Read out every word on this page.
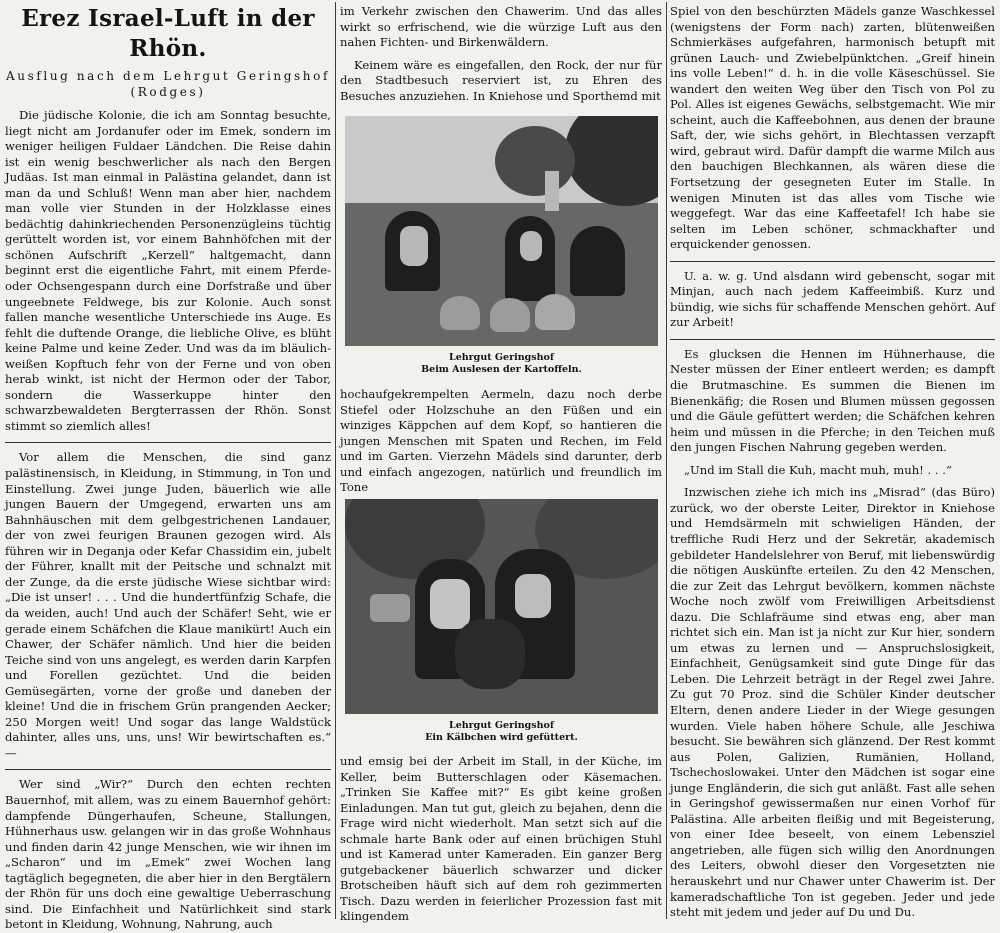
Erez Israel-Luft in der Rhön.
Ausflug nach dem Lehrgut Geringshof (Rodges)

Die jüdische Kolonie, die ich am Sonntag besuchte, liegt nicht am Jordanufer oder im Emek, sondern im weniger heiligen Fuldaer Ländchen. Die Reise dahin ist ein wenig beschwerlicher als nach den Bergen Judäas. Ist man einmal in Palästina gelandet, dann ist man da und Schluß! Wenn man aber hier, nachdem man volle vier Stunden in der Holzklasse eines bedächtig dahinkriechenden Personenzügleins tüchtig gerüttelt worden ist, vor einem Bahnhöfchen mit der schönen Aufschrift „Kerzell“ haltgemacht, dann beginnt erst die eigentliche Fahrt, mit einem Pferde- oder Ochsengespann durch eine Dorfstraße und über ungeebnete Feldwege, bis zur Kolonie. Auch sonst fallen manche wesentliche Unterschiede ins Auge. Es fehlt die duftende Orange, die liebliche Olive, es blüht keine Palme und keine Zeder. Und was da im bläulich-weißen Kopftuch fehr von der Ferne und von oben herab winkt, ist nicht der Hermon oder der Tabor, sondern die Wasserkuppe hinter den schwarzbewaldeten Bergterrassen der Rhön. Sonst stimmt so ziemlich alles!

Vor allem die Menschen, die sind ganz palästinensisch, in Kleidung, in Stimmung, in Ton und Einstellung. Zwei junge Juden, bäuerlich wie alle jungen Bauern der Umgegend, erwarten uns am Bahnhäuschen mit dem gelbgestrichenen Landauer, der von zwei feurigen Braunen gezogen wird. Als führen wir in Deganja oder Kefar Chassidim ein, jubelt der Führer, knallt mit der Peitsche und schnalzt mit der Zunge, da die erste jüdische Wiese sichtbar wird: „Die ist unser! . . . Und die hundertfünfzig Schafe, die da weiden, auch! Und auch der Schäfer! Seht, wie er gerade einem Schäfchen die Klaue manikürt! Auch ein Chawer, der Schäfer nämlich. Und hier die beiden Teiche sind von uns angelegt, es werden darin Karpfen und Forellen gezüchtet. Und die beiden Gemüsegärten, vorne der große und daneben der kleine! Und die in frischem Grün prangenden Aecker; 250 Morgen weit! Und sogar das lange Waldstück dahinter, alles uns, uns, uns! Wir bewirtschaften es.“ —

Wer sind „Wir?“ Durch den echten rechten Bauernhof, mit allem, was zu einem Bauernhof gehört: dampfende Düngerhaufen, Scheune, Stallungen, Hühnerhaus usw. gelangen wir in das große Wohnhaus und finden darin 42 junge Menschen, wie wir ihnen im „Scharon“ und im „Emek“ zwei Wochen lang tagtäglich begegneten, die aber hier in den Bergtälern der Rhön für uns doch eine gewaltige Ueberraschung sind. Die Einfachheit und Natürlichkeit sind stark betont in Kleidung, Wohnung, Nahrung, auch

im Verkehr zwischen den Chawerim. Und das alles wirkt so erfrischend, wie die würzige Luft aus den nahen Fichten- und Birkenwäldern.

Keinem wäre es eingefallen, den Rock, der nur für den Stadtbesuch reserviert ist, zu Ehren des Besuches anzuziehen. In Kniehose und Sporthemd mit

Lehrgut Geringshof
Beim Auslesen der Kartoffeln.

hochaufgekrempelten Aermeln, dazu noch derbe Stiefel oder Holzschuhe an den Füßen und ein winziges Käppchen auf dem Kopf, so hantieren die jungen Menschen mit Spaten und Rechen, im Feld und im Garten. Vierzehn Mädels sind darunter, derb und einfach angezogen, natürlich und freundlich im Tone

Lehrgut Geringshof
Ein Kälbchen wird gefüttert.

und emsig bei der Arbeit im Stall, in der Küche, im Keller, beim Butterschlagen oder Käsemachen. „Trinken Sie Kaffee mit?“ Es gibt keine großen Einladungen. Man tut gut, gleich zu bejahen, denn die Frage wird nicht wiederholt. Man setzt sich auf die schmale harte Bank oder auf einen brüchigen Stuhl und ist Kamerad unter Kameraden. Ein ganzer Berg gutgebackener bäuerlich schwarzer und dicker Brotscheiben häuft sich auf dem roh gezimmerten Tisch. Dazu werden in feierlicher Prozession fast mit klingendem

Spiel von den beschürzten Mädels ganze Waschkessel (wenigstens der Form nach) zarten, blütenweißen Schmierkäses aufgefahren, harmonisch betupft mit grünen Lauch- und Zwiebelpünktchen. „Greif hinein ins volle Leben!“ d. h. in die volle Käseschüssel. Sie wandert den weiten Weg über den Tisch von Pol zu Pol. Alles ist eigenes Gewächs, selbstgemacht. Wie mir scheint, auch die Kaffeebohnen, aus denen der braune Saft, der, wie sichs gehört, in Blechtassen verzapft wird, gebraut wird. Dafür dampft die warme Milch aus den bauchigen Blechkannen, als wären diese die Fortsetzung der gesegneten Euter im Stalle. In wenigen Minuten ist das alles vom Tische wie weggefegt. War das eine Kaffeetafel! Ich habe sie selten im Leben schöner, schmackhafter und erquickender genossen.

U. a. w. g. Und alsdann wird gebenscht, sogar mit Minjan, auch nach jedem Kaffeeimbiß. Kurz und bündig, wie sichs für schaffende Menschen gehört. Auf zur Arbeit!

Es glucksen die Hennen im Hühnerhause, die Nester müssen der Einer entleert werden; es dampft die Brutmaschine. Es summen die Bienen im Bienenkäfig; die Rosen und Blumen müssen gegossen und die Gäule gefüttert werden; die Schäfchen kehren heim und müssen in die Pferche; in den Teichen muß den jungen Fischen Nahrung gegeben werden.

„Und im Stall die Kuh, macht muh, muh! . . .“

Inzwischen ziehe ich mich ins „Misrad“ (das Büro) zurück, wo der oberste Leiter, Direktor in Kniehose und Hemdsärmeln mit schwieligen Händen, der treffliche Rudi Herz und der Sekretär, akademisch gebildeter Handelslehrer von Beruf, mit liebenswürdig die nötigen Auskünfte erteilen. Zu den 42 Menschen, die zur Zeit das Lehrgut bevölkern, kommen nächste Woche noch zwölf vom Freiwilligen Arbeitsdienst dazu. Die Schlafräume sind etwas eng, aber man richtet sich ein. Man ist ja nicht zur Kur hier, sondern um etwas zu lernen und — Anspruchslosigkeit, Einfachheit, Genügsamkeit sind gute Dinge für das Leben. Die Lehrzeit beträgt in der Regel zwei Jahre. Zu gut 70 Proz. sind die Schüler Kinder deutscher Eltern, denen andere Lieder in der Wiege gesungen wurden. Viele haben höhere Schule, alle Jeschiwa besucht. Sie bewähren sich glänzend. Der Rest kommt aus Polen, Galizien, Rumänien, Holland, Tschechoslowakei. Unter den Mädchen ist sogar eine junge Engländerin, die sich gut anläßt. Fast alle sehen in Geringshof gewissermaßen nur einen Vorhof für Palästina. Alle arbeiten fleißig und mit Begeisterung, von einer Idee beseelt, von einem Lebensziel angetrieben, alle fügen sich willig den Anordnungen des Leiters, obwohl dieser den Vorgesetzten nie herauskehrt und nur Chawer unter Chawerim ist. Der kameradschaftliche Ton ist gegeben. Jeder und jede steht mit jedem und jeder auf Du und Du.
